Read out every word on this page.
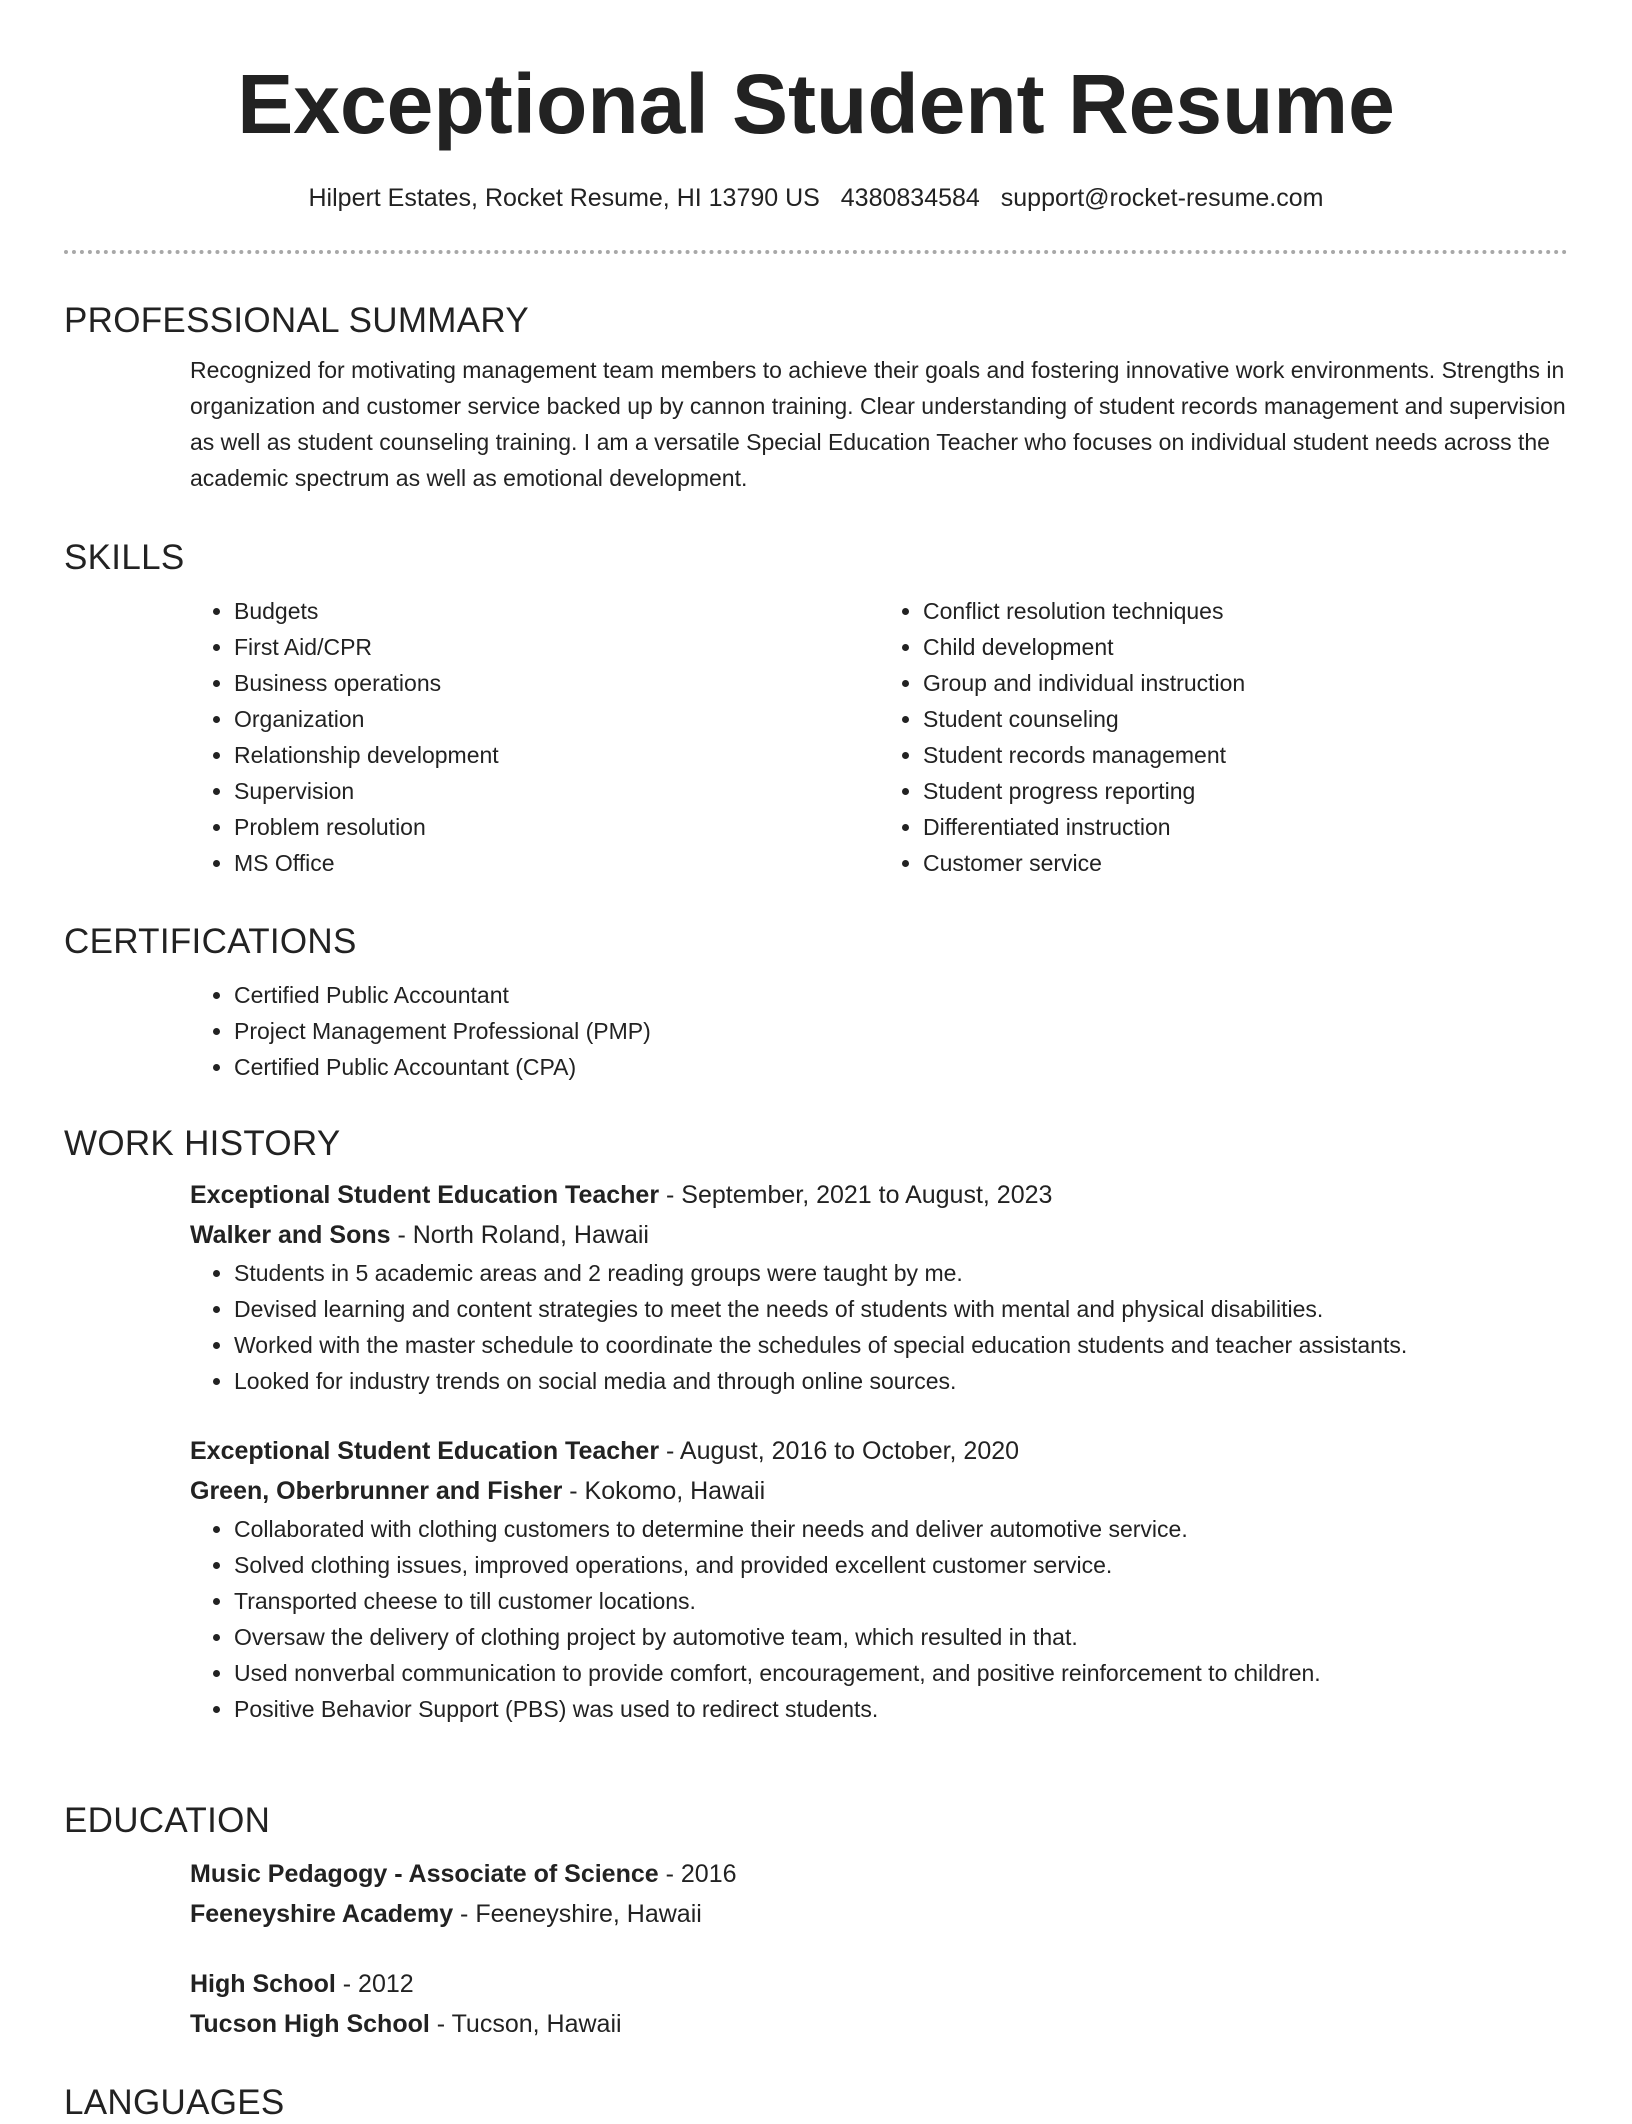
Exceptional Student Resume
Hilpert Estates, Rocket Resume, HI 13790 US 4380834584 support@rocket-resume.com
PROFESSIONAL SUMMARY
Recognized for motivating management team members to achieve their goals and fostering innovative work environments. Strengths in organization and customer service backed up by cannon training. Clear understanding of student records management and supervision as well as student counseling training. I am a versatile Special Education Teacher who focuses on individual student needs across the academic spectrum as well as emotional development.
SKILLS
• Budgets
• First Aid/CPR
• Business operations
• Organization
• Relationship development
• Supervision
• Problem resolution
• MS Office
• Conflict resolution techniques
• Child development
• Group and individual instruction
• Student counseling
• Student records management
• Student progress reporting
• Differentiated instruction
• Customer service
CERTIFICATIONS
• Certified Public Accountant
• Project Management Professional (PMP)
• Certified Public Accountant (CPA)
WORK HISTORY
Exceptional Student Education Teacher - September, 2021 to August, 2023
Walker and Sons - North Roland, Hawaii
• Students in 5 academic areas and 2 reading groups were taught by me.
• Devised learning and content strategies to meet the needs of students with mental and physical disabilities.
• Worked with the master schedule to coordinate the schedules of special education students and teacher assistants.
• Looked for industry trends on social media and through online sources.
Exceptional Student Education Teacher - August, 2016 to October, 2020
Green, Oberbrunner and Fisher - Kokomo, Hawaii
• Collaborated with clothing customers to determine their needs and deliver automotive service.
• Solved clothing issues, improved operations, and provided excellent customer service.
• Transported cheese to till customer locations.
• Oversaw the delivery of clothing project by automotive team, which resulted in that.
• Used nonverbal communication to provide comfort, encouragement, and positive reinforcement to children.
• Positive Behavior Support (PBS) was used to redirect students.
EDUCATION
Music Pedagogy - Associate of Science - 2016
Feeneyshire Academy - Feeneyshire, Hawaii
High School - 2012
Tucson High School - Tucson, Hawaii
LANGUAGES
